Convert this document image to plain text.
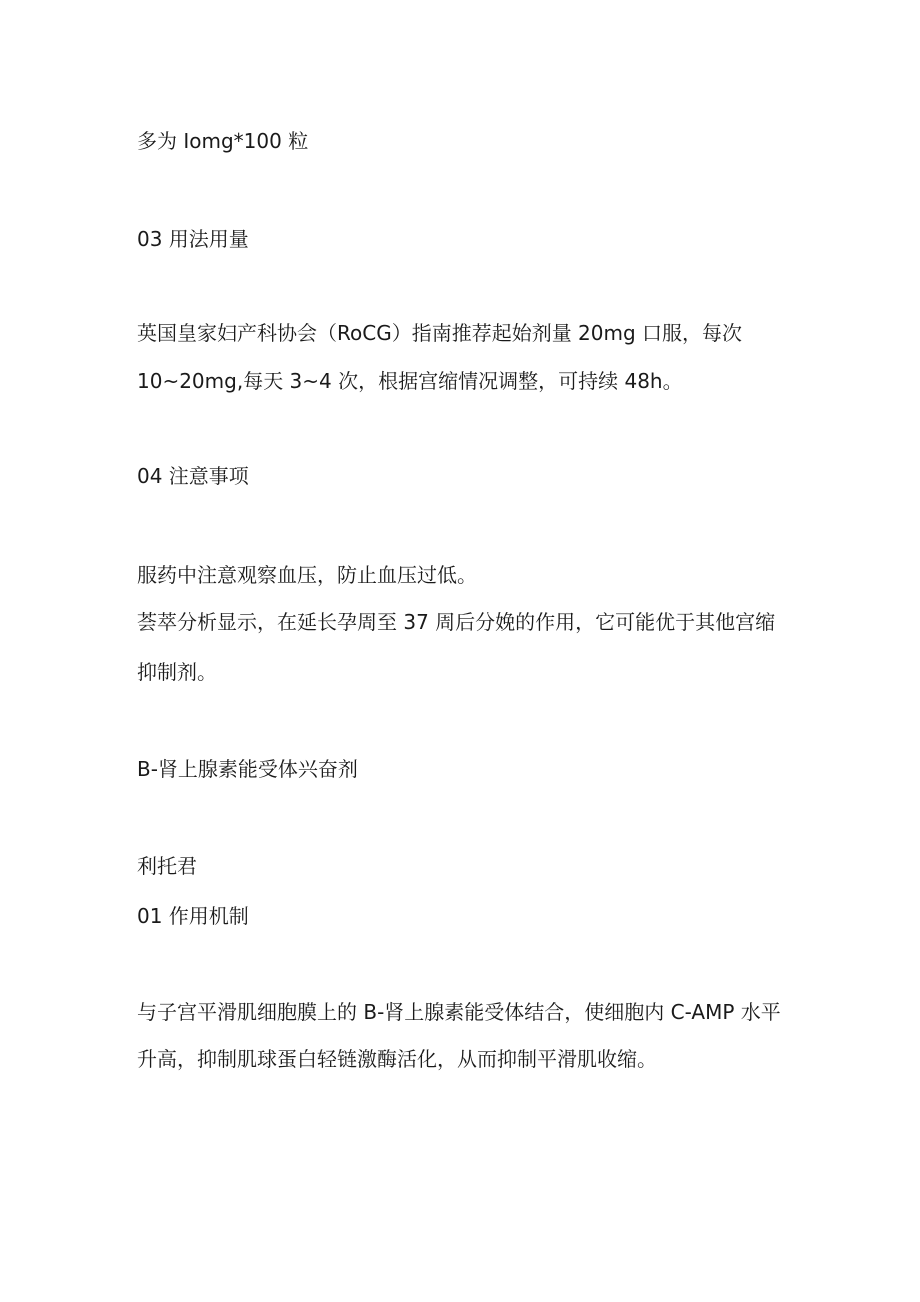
多为 Iomg*100 粒
03 用法用量
英国皇家妇产科协会（RoCG）指南推荐起始剂量 20mg 口服，每次
10~20mg,每天 3~4 次，根据宫缩情况调整，可持续 48h。
04 注意事项
服药中注意观察血压，防止血压过低。
荟萃分析显示，在延长孕周至 37 周后分娩的作用，它可能优于其他宫缩
抑制剂。
B-肾上腺素能受体兴奋剂
利托君
01 作用机制
与子宫平滑肌细胞膜上的 B-肾上腺素能受体结合，使细胞内 C-AMP 水平
升高，抑制肌球蛋白轻链激酶活化，从而抑制平滑肌收缩。
